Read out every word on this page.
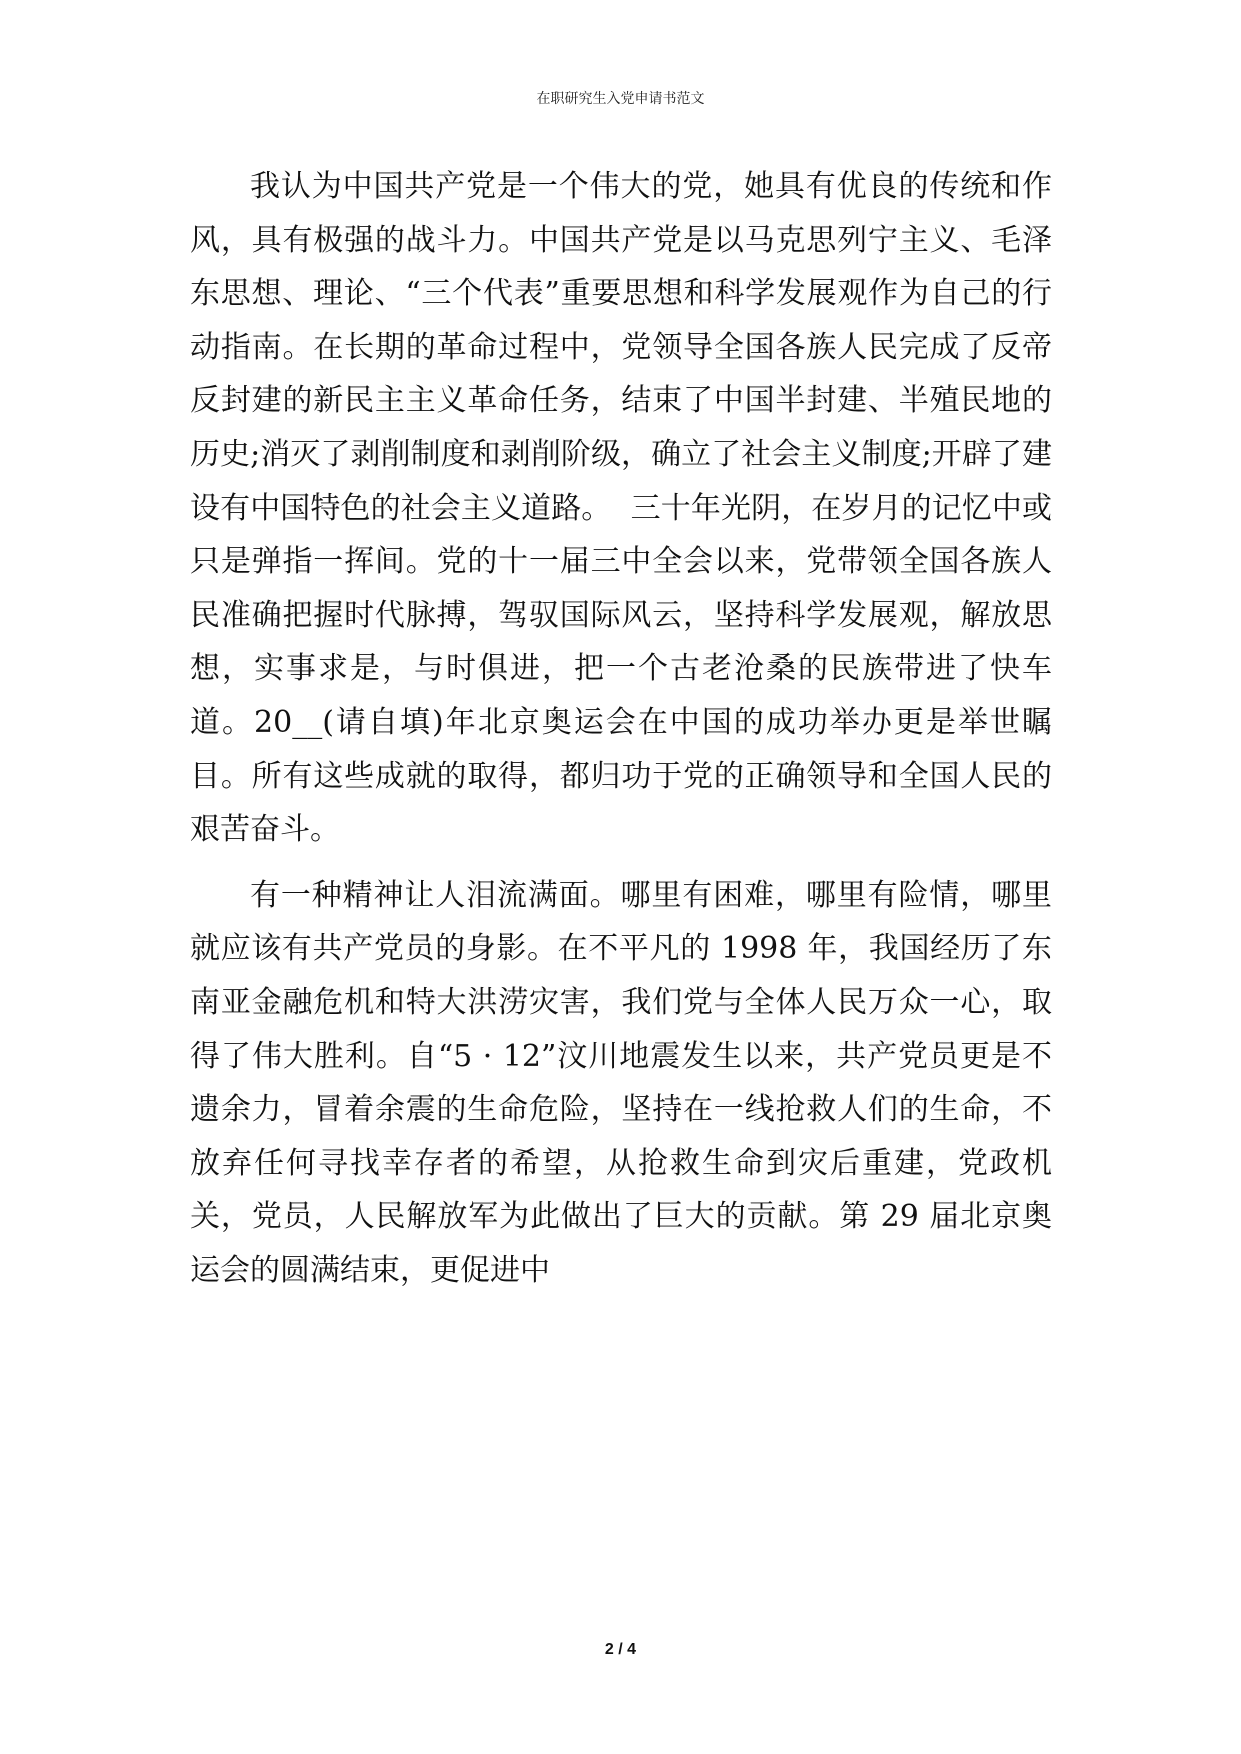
在职研究生入党申请书范文

我认为中国共产党是一个伟大的党，她具有优良的传统和作风，具有极强的战斗力。中国共产党是以马克思列宁主义、毛泽东思想、理论、“三个代表”重要思想和科学发展观作为自己的行动指南。在长期的革命过程中，党领导全国各族人民完成了反帝反封建的新民主主义革命任务，结束了中国半封建、半殖民地的历史;消灭了剥削制度和剥削阶级，确立了社会主义制度;开辟了建设有中国特色的社会主义道路。  三十年光阴，在岁月的记忆中或只是弹指一挥间。党的十一届三中全会以来，党带领全国各族人民准确把握时代脉搏，驾驭国际风云，坚持科学发展观，解放思想，实事求是，与时俱进，把一个古老沧桑的民族带进了快车道。20__(请自填)年北京奥运会在中国的成功举办更是举世瞩目。所有这些成就的取得，都归功于党的正确领导和全国人民的艰苦奋斗。

有一种精神让人泪流满面。哪里有困难，哪里有险情，哪里就应该有共产党员的身影。在不平凡的 1998 年，我国经历了东南亚金融危机和特大洪涝灾害，我们党与全体人民万众一心，取得了伟大胜利。自“5 · 12”汶川地震发生以来，共产党员更是不遗余力，冒着余震的生命危险，坚持在一线抢救人们的生命，不放弃任何寻找幸存者的希望，从抢救生命到灾后重建，党政机关，党员，人民解放军为此做出了巨大的贡献。第 29 届北京奥运会的圆满结束，更促进中

2 / 4
